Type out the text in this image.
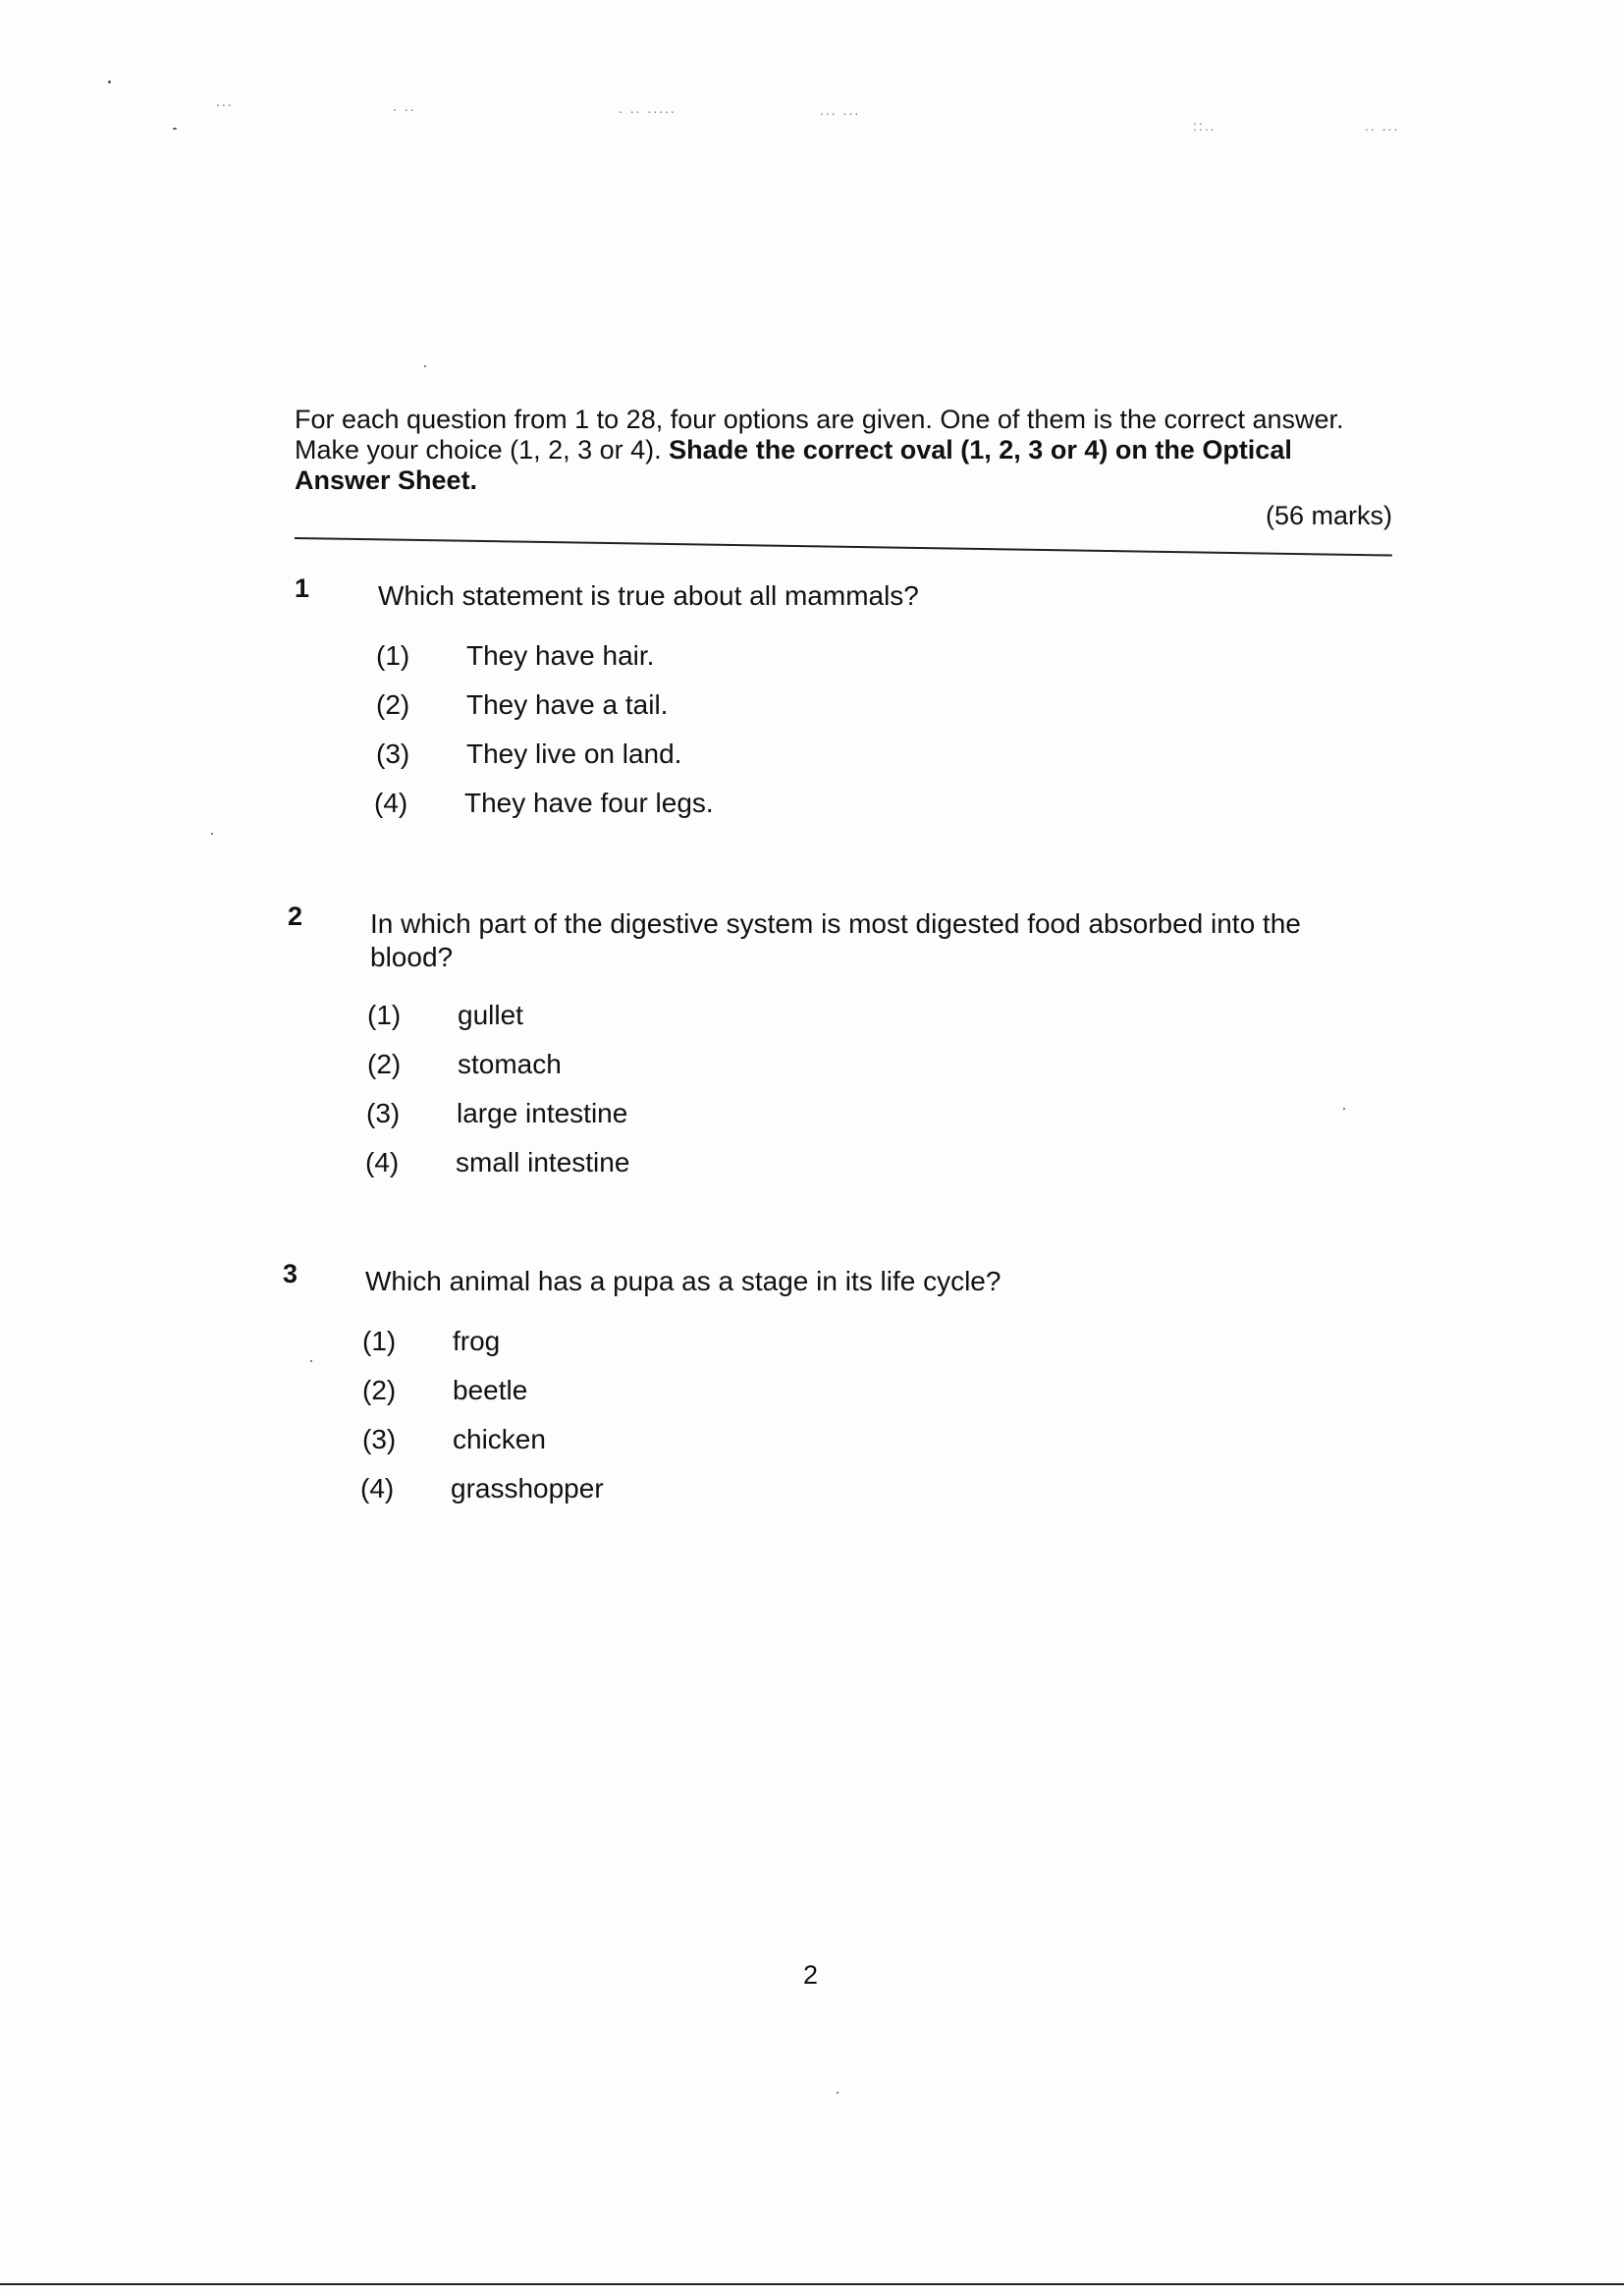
...	. ..	. .. .....	... ...
::..	.. ...
For each question from 1 to 28, four options are given. One of them is the correct answer.
Make your choice (1, 2, 3 or 4). Shade the correct oval (1, 2, 3 or 4) on the Optical
Answer Sheet.
(56 marks)
1 Which statement is true about all mammals?
(1) They have hair.
(2) They have a tail.
(3) They live on land.
(4) They have four legs.
2 In which part of the digestive system is most digested food absorbed into the blood?
(1) gullet
(2) stomach
(3) large intestine
(4) small intestine
3 Which animal has a pupa as a stage in its life cycle?
(1) frog
(2) beetle
(3) chicken
(4) grasshopper
2
